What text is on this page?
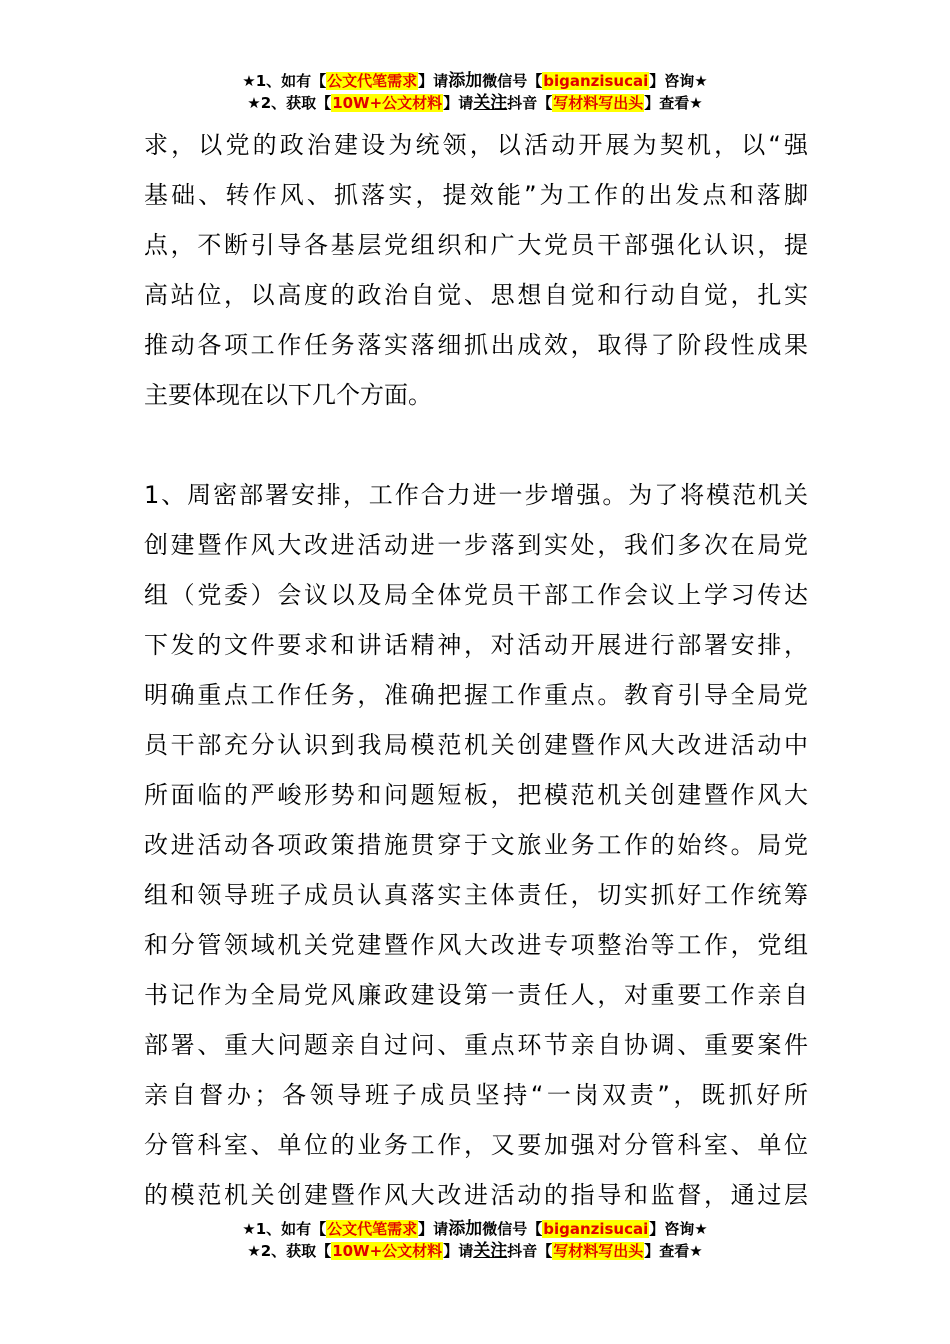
★1、如有【公文代笔需求】请添加微信号【biganzisucai】咨询★
★2、获取【10W+公文材料】请关注抖音【写材料写出头】查看★
求，以党的政治建设为统领，以活动开展为契机，以“强
基础、转作风、抓落实，提效能”为工作的出发点和落脚
点，不断引导各基层党组织和广大党员干部强化认识，提
高站位，以高度的政治自觉、思想自觉和行动自觉，扎实
推动各项工作任务落实落细抓出成效，取得了阶段性成果
主要体现在以下几个方面。
1、周密部署安排，工作合力进一步增强。为了将模范机关
创建暨作风大改进活动进一步落到实处，我们多次在局党
组（党委）会议以及局全体党员干部工作会议上学习传达
下发的文件要求和讲话精神，对活动开展进行部署安排，
明确重点工作任务，准确把握工作重点。教育引导全局党
员干部充分认识到我局模范机关创建暨作风大改进活动中
所面临的严峻形势和问题短板，把模范机关创建暨作风大
改进活动各项政策措施贯穿于文旅业务工作的始终。局党
组和领导班子成员认真落实主体责任，切实抓好工作统筹
和分管领域机关党建暨作风大改进专项整治等工作，党组
书记作为全局党风廉政建设第一责任人，对重要工作亲自
部署、重大问题亲自过问、重点环节亲自协调、重要案件
亲自督办；各领导班子成员坚持“一岗双责”，既抓好所
分管科室、单位的业务工作，又要加强对分管科室、单位
的模范机关创建暨作风大改进活动的指导和监督，通过层
★1、如有【公文代笔需求】请添加微信号【biganzisucai】咨询★
★2、获取【10W+公文材料】请关注抖音【写材料写出头】查看★
